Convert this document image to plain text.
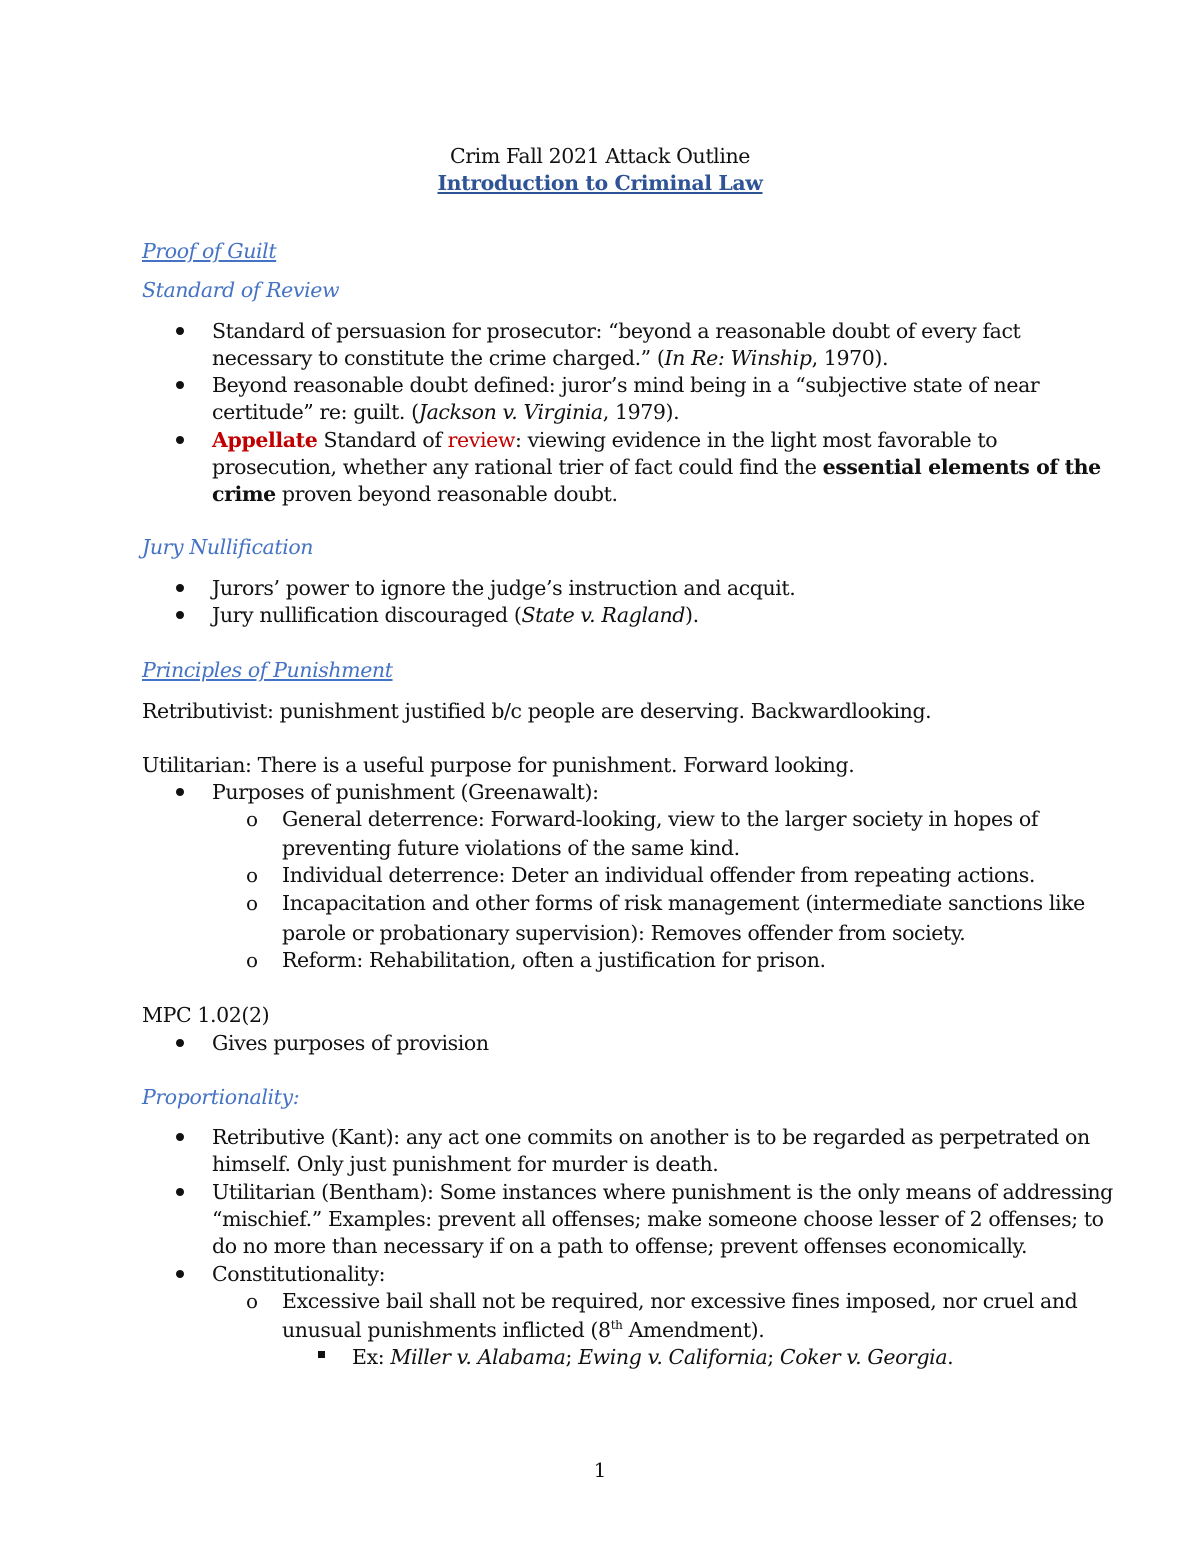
Crim Fall 2021 Attack Outline
Introduction to Criminal Law
Proof of Guilt
Standard of Review
Standard of persuasion for prosecutor: “beyond a reasonable doubt of every fact
necessary to constitute the crime charged.” (In Re: Winship, 1970).
Beyond reasonable doubt defined: juror’s mind being in a “subjective state of near
certitude” re: guilt. (Jackson v. Virginia, 1979).
Appellate Standard of review: viewing evidence in the light most favorable to
prosecution, whether any rational trier of fact could find the essential elements of the
crime proven beyond reasonable doubt.
Jury Nullification
Jurors’ power to ignore the judge’s instruction and acquit.
Jury nullification discouraged (State v. Ragland).
Principles of Punishment
Retributivist: punishment justified b/c people are deserving. Backwardlooking.
Utilitarian: There is a useful purpose for punishment. Forward looking.
Purposes of punishment (Greenawalt):
o General deterrence: Forward-looking, view to the larger society in hopes of
preventing future violations of the same kind.
o Individual deterrence: Deter an individual offender from repeating actions.
o Incapacitation and other forms of risk management (intermediate sanctions like
parole or probationary supervision): Removes offender from society.
o Reform: Rehabilitation, often a justification for prison.
MPC 1.02(2)
Gives purposes of provision
Proportionality:
Retributive (Kant): any act one commits on another is to be regarded as perpetrated on
himself. Only just punishment for murder is death.
Utilitarian (Bentham): Some instances where punishment is the only means of addressing
“mischief.” Examples: prevent all offenses; make someone choose lesser of 2 offenses; to
do no more than necessary if on a path to offense; prevent offenses economically.
Constitutionality:
o Excessive bail shall not be required, nor excessive fines imposed, nor cruel and
unusual punishments inflicted (8th Amendment).
Ex: Miller v. Alabama; Ewing v. California; Coker v. Georgia.
1
